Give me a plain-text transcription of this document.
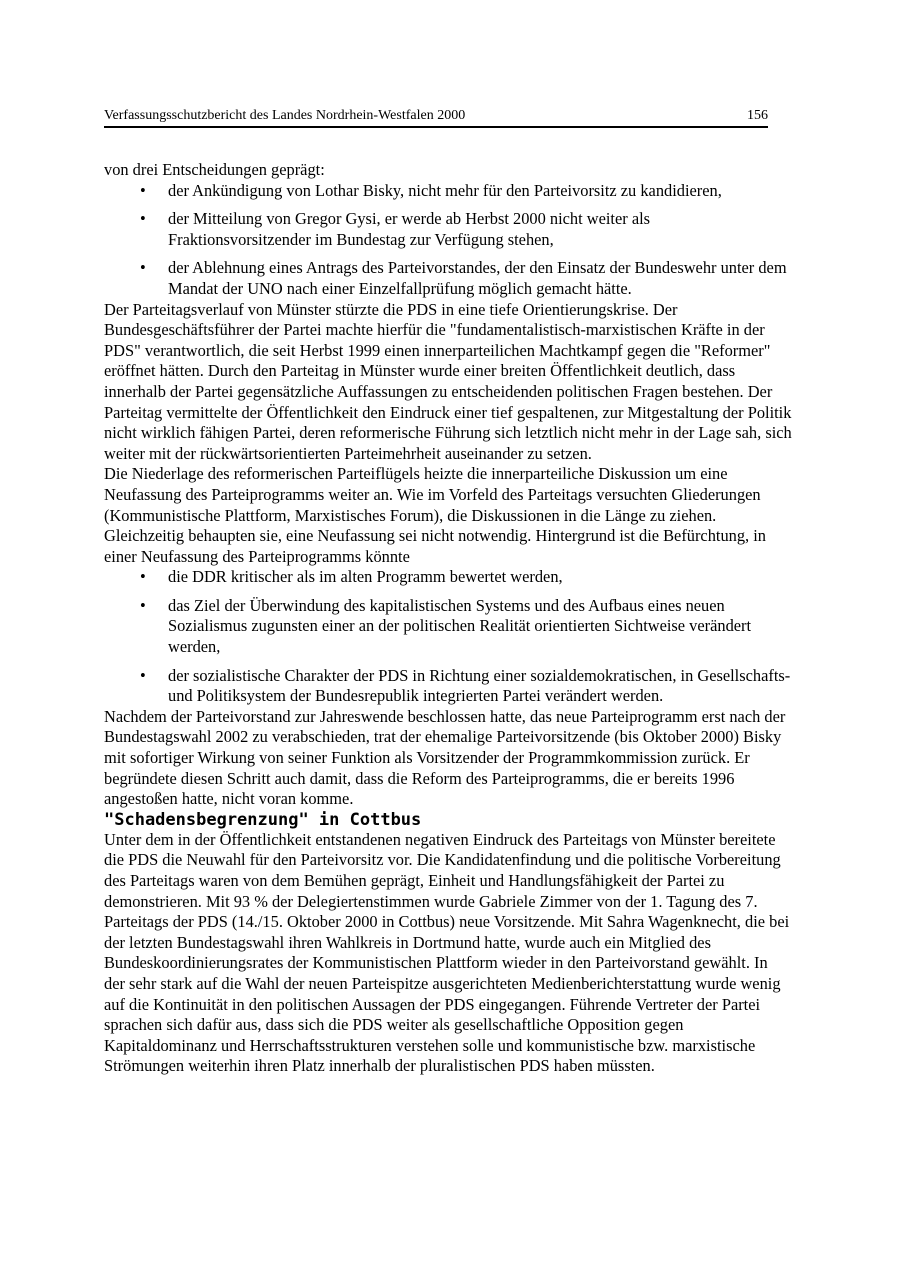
Verfassungsschutzbericht des Landes Nordrhein-Westfalen 2000	156

von drei Entscheidungen geprägt:

• der Ankündigung von Lothar Bisky, nicht mehr für den Parteivorsitz zu kandidieren,
• der Mitteilung von Gregor Gysi, er werde ab Herbst 2000 nicht weiter als Fraktionsvorsitzender im Bundestag zur Verfügung stehen,
• der Ablehnung eines Antrags des Parteivorstandes, der den Einsatz der Bundeswehr unter dem Mandat der UNO nach einer Einzelfallprüfung möglich gemacht hätte.

Der Parteitagsverlauf von Münster stürzte die PDS in eine tiefe Orientierungskrise. Der Bundesgeschäftsführer der Partei machte hierfür die "fundamentalistisch-marxistischen Kräfte in der PDS" verantwortlich, die seit Herbst 1999 einen innerparteilichen Machtkampf gegen die "Reformer" eröffnet hätten. Durch den Parteitag in Münster wurde einer breiten Öffentlichkeit deutlich, dass innerhalb der Partei gegensätzliche Auffassungen zu entscheidenden politischen Fragen bestehen. Der Parteitag vermittelte der Öffentlichkeit den Eindruck einer tief gespaltenen, zur Mitgestaltung der Politik nicht wirklich fähigen Partei, deren reformerische Führung sich letztlich nicht mehr in der Lage sah, sich weiter mit der rückwärtsorientierten Parteimehrheit auseinander zu setzen.

Die Niederlage des reformerischen Parteiflügels heizte die innerparteiliche Diskussion um eine Neufassung des Parteiprogramms weiter an. Wie im Vorfeld des Parteitags versuchten Gliederungen (Kommunistische Plattform, Marxistisches Forum), die Diskussionen in die Länge zu ziehen. Gleichzeitig behaupten sie, eine Neufassung sei nicht notwendig. Hintergrund ist die Befürchtung, in einer Neufassung des Parteiprogramms könnte

• die DDR kritischer als im alten Programm bewertet werden,
• das Ziel der Überwindung des kapitalistischen Systems und des Aufbaus eines neuen Sozialismus zugunsten einer an der politischen Realität orientierten Sichtweise verändert werden,
• der sozialistische Charakter der PDS in Richtung einer sozialdemokratischen, in Gesellschafts- und Politiksystem der Bundesrepublik integrierten Partei verändert werden.

Nachdem der Parteivorstand zur Jahreswende beschlossen hatte, das neue Parteiprogramm erst nach der Bundestagswahl 2002 zu verabschieden, trat der ehemalige Parteivorsitzende (bis Oktober 2000) Bisky mit sofortiger Wirkung von seiner Funktion als Vorsitzender der Programmkommission zurück. Er begründete diesen Schritt auch damit, dass die Reform des Parteiprogramms, die er bereits 1996 angestoßen hatte, nicht voran komme.

"Schadensbegrenzung" in Cottbus

Unter dem in der Öffentlichkeit entstandenen negativen Eindruck des Parteitags von Münster bereitete die PDS die Neuwahl für den Parteivorsitz vor. Die Kandidatenfindung und die politische Vorbereitung des Parteitags waren von dem Bemühen geprägt, Einheit und Handlungsfähigkeit der Partei zu demonstrieren. Mit 93 % der Delegiertenstimmen wurde Gabriele Zimmer von der 1. Tagung des 7. Parteitags der PDS (14./15. Oktober 2000 in Cottbus) neue Vorsitzende. Mit Sahra Wagenknecht, die bei der letzten Bundestagswahl ihren Wahlkreis in Dortmund hatte, wurde auch ein Mitglied des Bundeskoordinierungsrates der Kommunistischen Plattform wieder in den Parteivorstand gewählt. In der sehr stark auf die Wahl der neuen Parteispitze ausgerichteten Medienberichterstattung wurde wenig auf die Kontinuität in den politischen Aussagen der PDS eingegangen. Führende Vertreter der Partei sprachen sich dafür aus, dass sich die PDS weiter als gesellschaftliche Opposition gegen Kapitaldominanz und Herrschaftsstrukturen verstehen solle und kommunistische bzw. marxistische Strömungen weiterhin ihren Platz innerhalb der pluralistischen PDS haben müssten.
